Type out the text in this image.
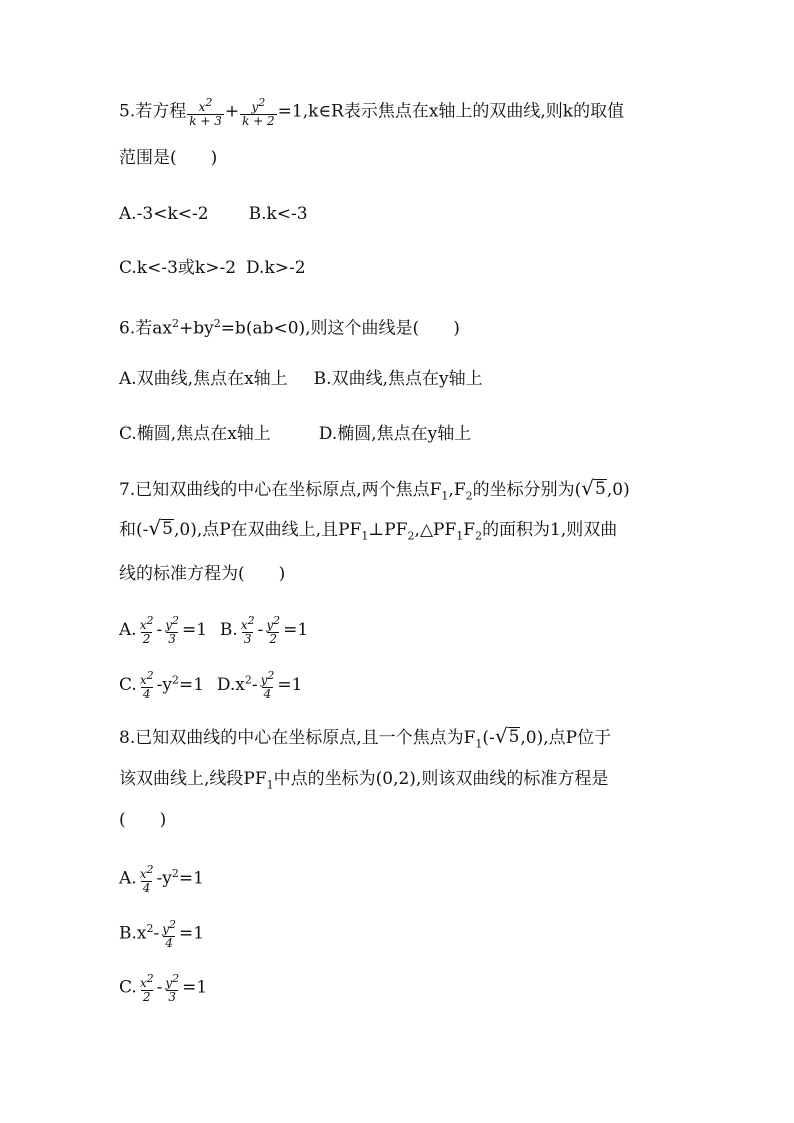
5.若方程 $\frac{x^2}{k + 3} + \frac{y^2}{k + 2}$ =1,k∈R表示焦点在x轴上的双曲线,则k的取值
范围是(　　)
A.-3<k<-2 B.k<-3
C.k<-3或k>-2 D.k>-2
6.若$ax^2+by^2=b(ab<0)$,则这个曲线是(　　)
A.双曲线,焦点在x轴上 B.双曲线,焦点在y轴上
C.椭圆,焦点在x轴上	D.椭圆,焦点在y轴上
7.已知双曲线的中心在坐标原点,两个焦点$F_1,F_2$的坐标分别为( √ 5 ,0)
和(- √ 5 ,0),点P在双曲线上,且$PF_1\perp PF_2,\triangle PF_1F_2$的面积为1,则双曲
线的标准方程为(　　)
A. $\frac{x^2}{2} - \frac{y^2}{3} =1$ B. $\frac{x^2}{3} - \frac{y^2}{2} =1$
C. $\frac{x^2}{4} -y^2=1$ $D.x^2- \frac{y^2}{4} =1$
8.已知双曲线的中心在坐标原点,且一个焦点为$F_1(-$ √ 5 ,0),点P位于
该双曲线上,线段$PF_1$中点的坐标为(0,2),则该双曲线的标准方程是
(　　)
A. $\frac{x^2}{4} -y^2=1$
$B.x^2- \frac{y^2}{4} =1$
C. $\frac{x^2}{2} - \frac{y^2}{3} =1$
